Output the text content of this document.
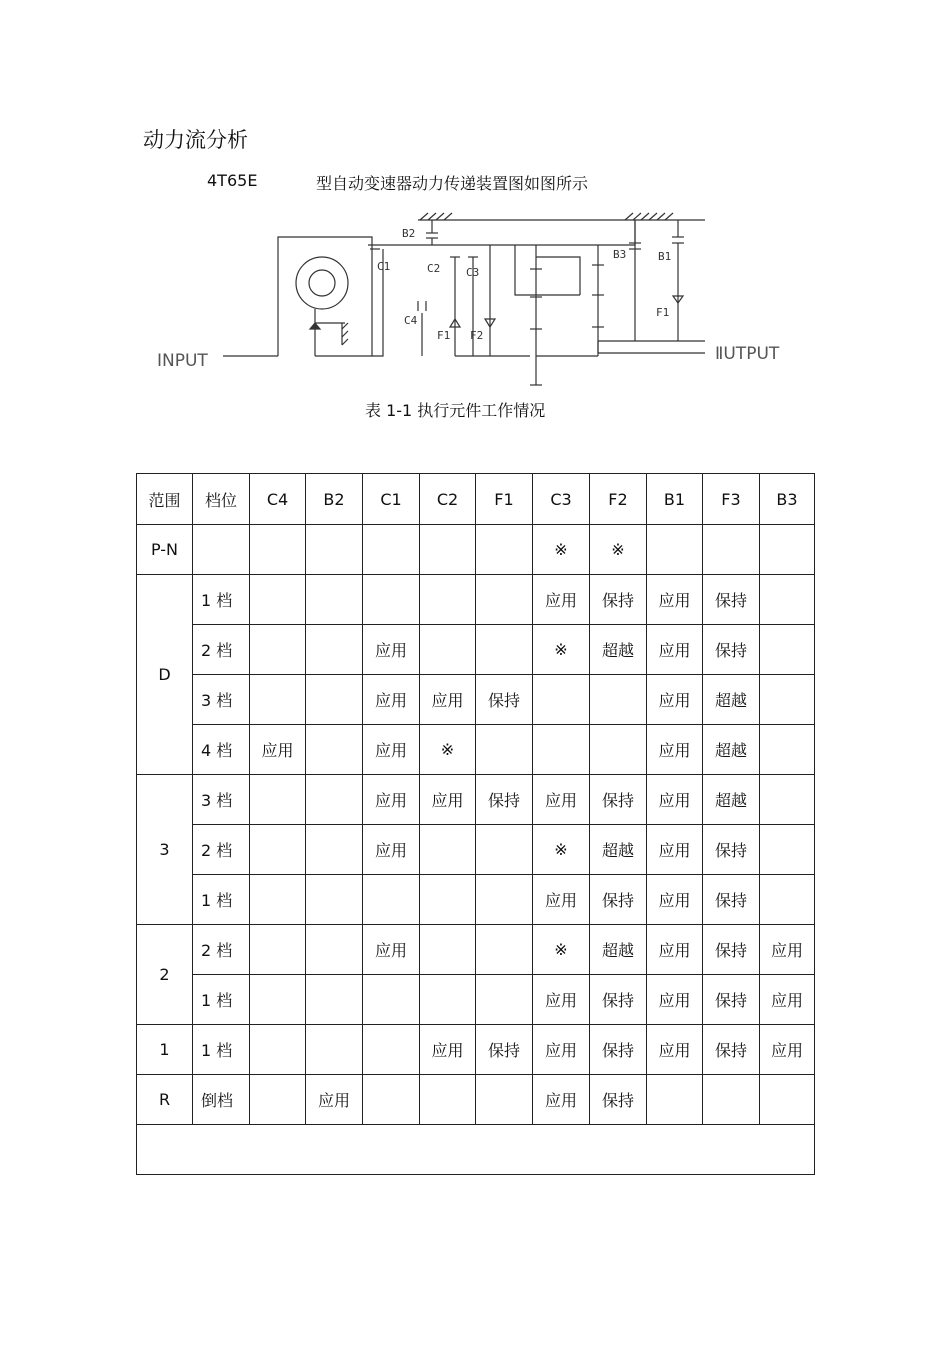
动力流分析
4T65E	型自动变速器动力传递装置图如图所示
INPUT	ⅡUTPUT
B2
C1	C2 C3
C4
F1 F2
B3	B1
F1
表 1-1 执行元件工作情况
范围	档位	C4	B2	C1	C2	F1	C3	F2	B1	F3	B3
P-N							※	※			
D	1 档						应用	保持	应用	保持	
	2 档			应用			※	超越	应用	保持	
	3 档			应用	应用	保持			应用	超越	
	4 档	应用		应用	※				应用	超越	
3	3 档			应用	应用	保持	应用	保持	应用	超越	
	2 档			应用			※	超越	应用	保持	
	1 档						应用	保持	应用	保持	
2	2 档			应用			※	超越	应用	保持	应用
	1 档						应用	保持	应用	保持	应用
1	1 档				应用	保持	应用	保持	应用	保持	应用
R	倒档		应用				应用	保持			
